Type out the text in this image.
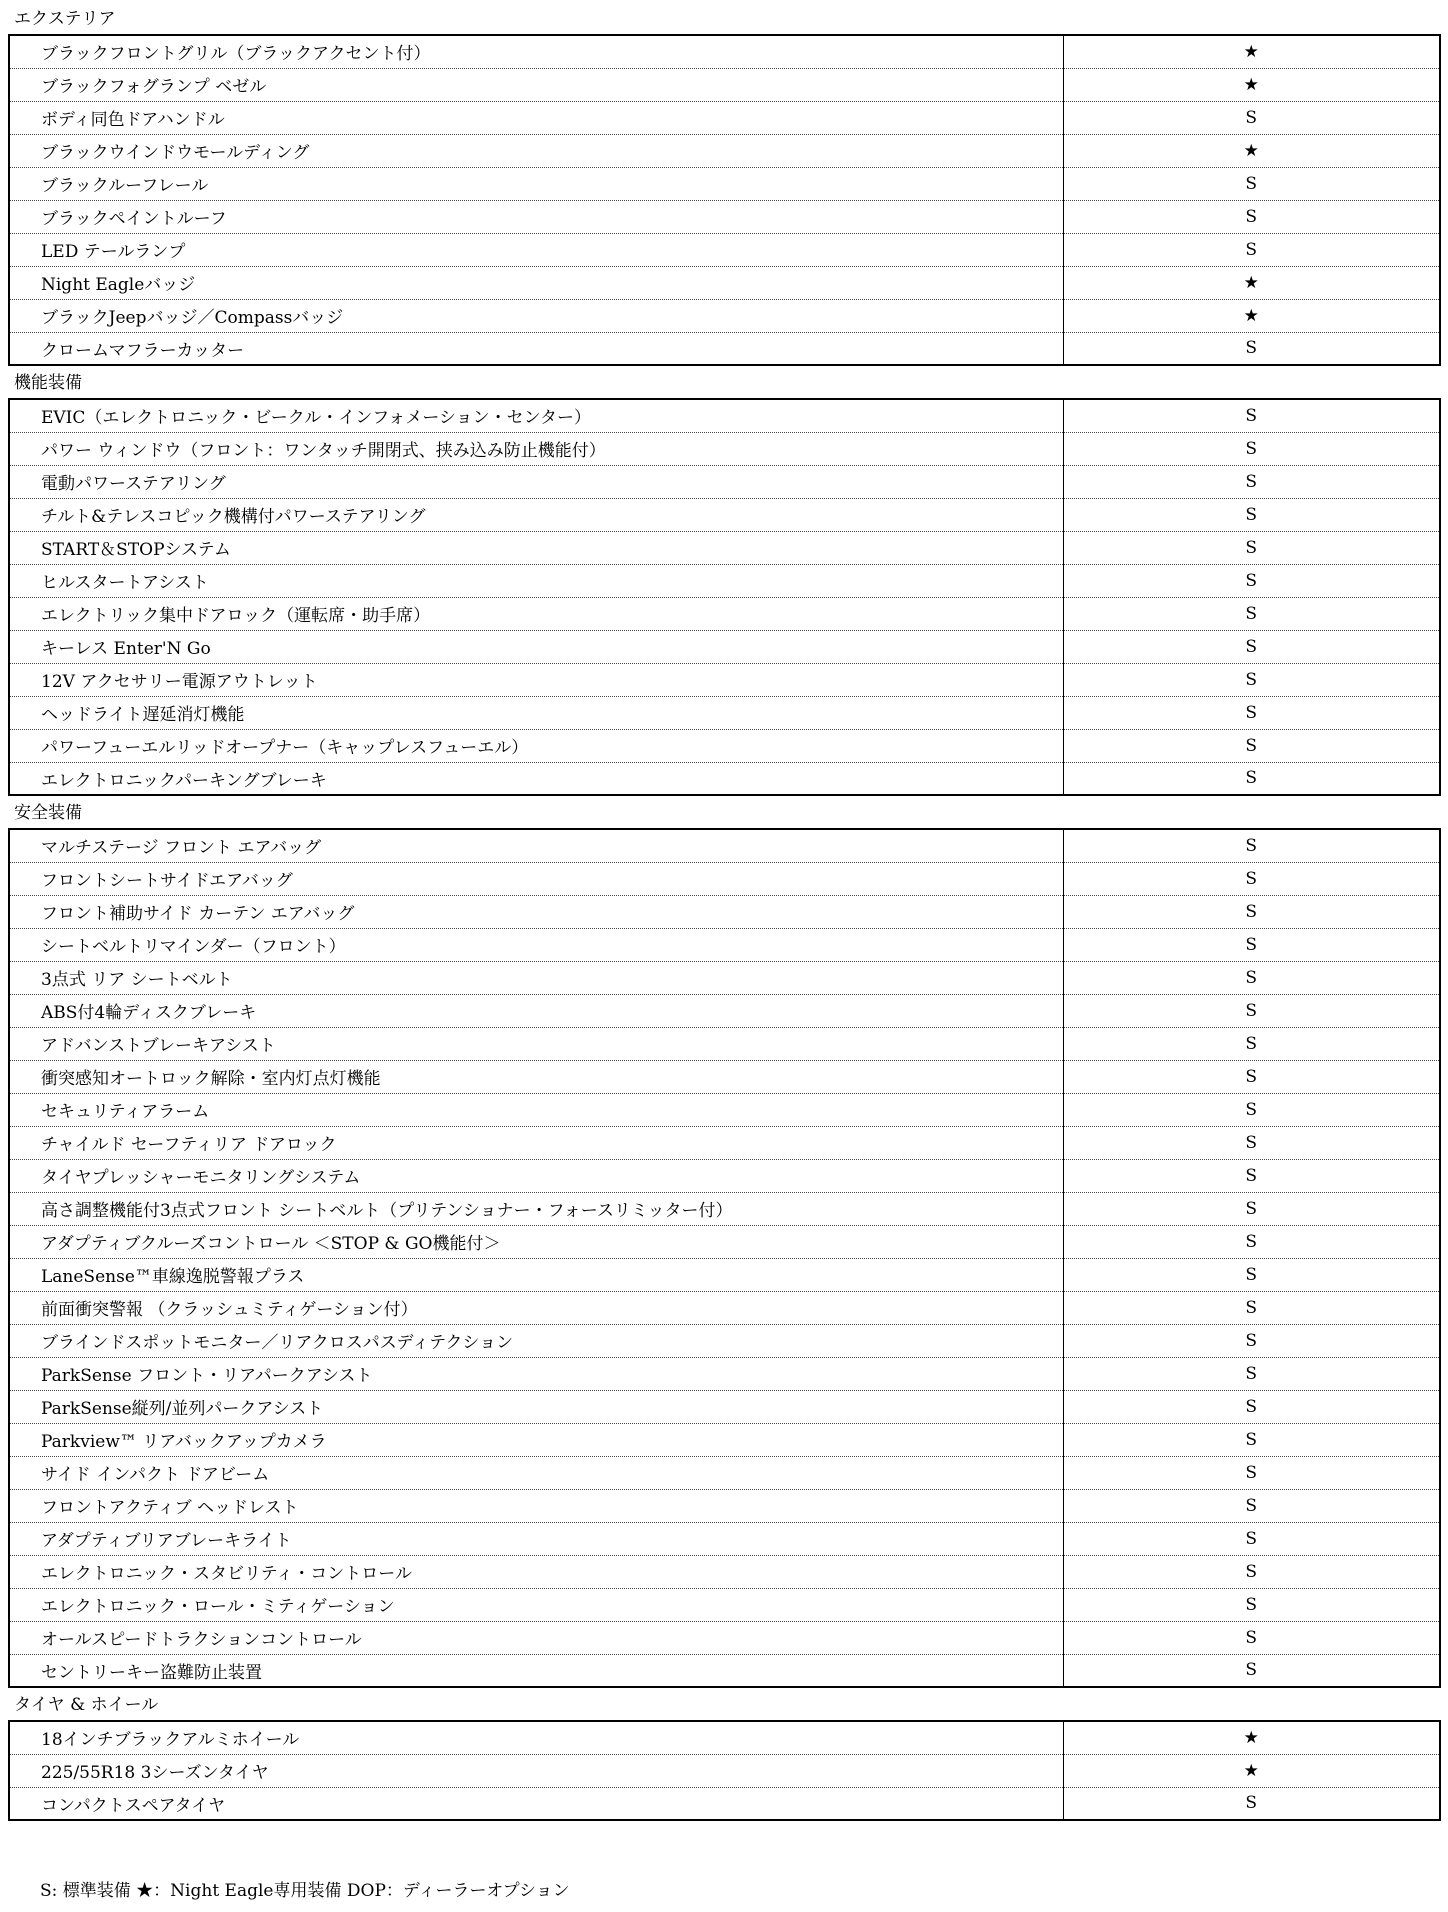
エクステリア
ブラックフロントグリル（ブラックアクセント付）	★
ブラックフォグランプ ベゼル	★
ボディ同色ドアハンドル	S
ブラックウインドウモールディング	★
ブラックルーフレール	S
ブラックペイントルーフ	S
LED テールランプ	S
Night Eagleバッジ	★
ブラックJeepバッジ／Compassバッジ	★
クロームマフラーカッター	S
機能装備
EVIC（エレクトロニック・ビークル・インフォメーション・センター）	S
パワー ウィンドウ（フロント：ワンタッチ開閉式、挟み込み防止機能付）	S
電動パワーステアリング	S
チルト&テレスコピック機構付パワーステアリング	S
START＆STOPシステム	S
ヒルスタートアシスト	S
エレクトリック集中ドアロック（運転席・助手席）	S
キーレス Enter'N Go	S
12V アクセサリー電源アウトレット	S
ヘッドライト遅延消灯機能	S
パワーフューエルリッドオープナー（キャップレスフューエル）	S
エレクトロニックパーキングブレーキ	S
安全装備
マルチステージ フロント エアバッグ	S
フロントシートサイドエアバッグ	S
フロント補助サイド カーテン エアバッグ	S
シートベルトリマインダー（フロント）	S
3点式 リア シートベルト	S
ABS付4輪ディスクブレーキ	S
アドバンストブレーキアシスト	S
衝突感知オートロック解除・室内灯点灯機能	S
セキュリティアラーム	S
チャイルド セーフティリア ドアロック	S
タイヤプレッシャーモニタリングシステム	S
高さ調整機能付3点式フロント シートベルト（プリテンショナー・フォースリミッター付）	S
アダプティブクルーズコントロール ＜STOP & GO機能付＞	S
LaneSense™車線逸脱警報プラス	S
前面衝突警報 （クラッシュミティゲーション付）	S
ブラインドスポットモニター／リアクロスパスディテクション	S
ParkSense フロント・リアパークアシスト	S
ParkSense縦列/並列パークアシスト	S
Parkview™ リアバックアップカメラ	S
サイド インパクト ドアビーム	S
フロントアクティブ ヘッドレスト	S
アダプティブリアブレーキライト	S
エレクトロニック・スタビリティ・コントロール	S
エレクトロニック・ロール・ミティゲーション	S
オールスピードトラクションコントロール	S
セントリーキー盗難防止装置	S
タイヤ & ホイール
18インチブラックアルミホイール	★
225/55R18 3シーズンタイヤ	★
コンパクトスペアタイヤ	S
S: 標準装備 ★：Night Eagle専用装備 DOP：ディーラーオプション
